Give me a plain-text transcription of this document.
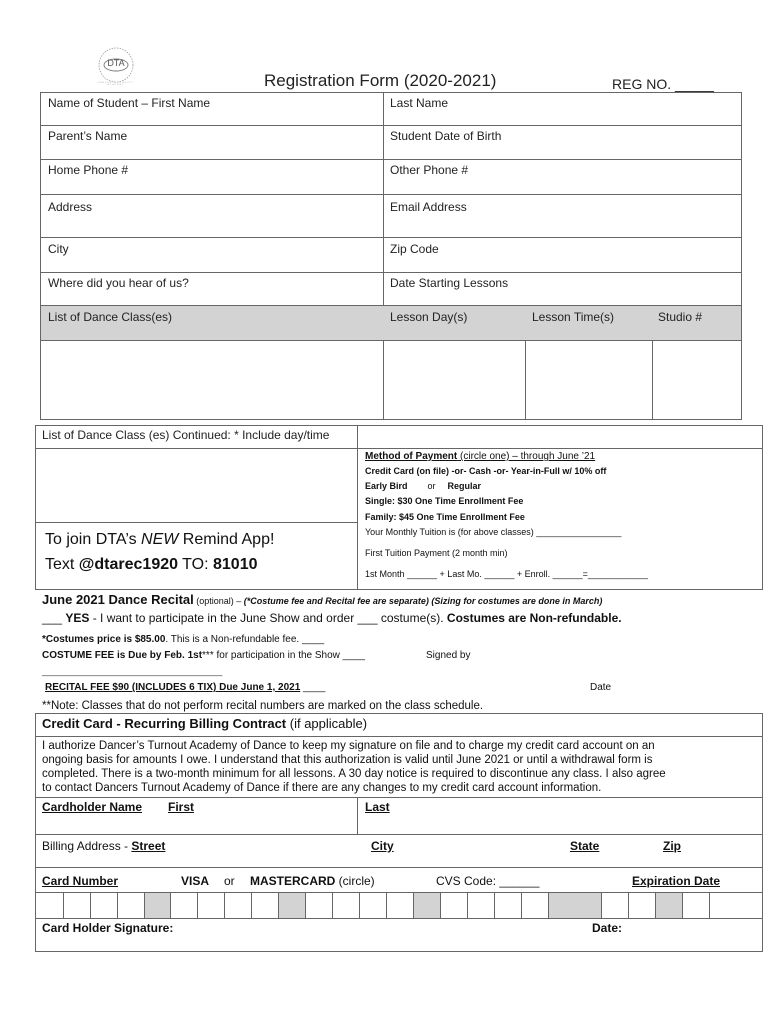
DTA
DANCER'S TURNOUT ACADEMY	Registration Form (2020-2021)	REG NO. _____
Name of Student – First Name	Last Name
Parent’s Name	Student Date of Birth
Home Phone #	Other Phone #
Address	Email Address
City	Zip Code
Where did you hear of us?	Date Starting Lessons
List of Dance Class(es)	Lesson Day(s)	Lesson Time(s)	Studio #
List of Dance Class (es) Continued: * Include day/time
To join DTA’s NEW Remind App!
Text @dtarec1920 TO: 81010
Method of Payment (circle one) – through June ’21
Credit Card (on file) -or- Cash -or- Year-in-Full w/ 10% off
Early Bird or Regular
Single: $30 One Time Enrollment Fee
Family: $45 One Time Enrollment Fee
Your Monthly Tuition is (for above classes) _________________
First Tuition Payment (2 month min)
1st Month ______ + Last Mo. ______ + Enroll. ______=____________
June 2021 Dance Recital (optional) – (*Costume fee and Recital fee are separate) (Sizing for costumes are done in March)
___ YES - I want to participate in the June Show and order ___ costume(s). Costumes are Non-refundable.
*Costumes price is $85.00. This is a Non-refundable fee. ____
COSTUME FEE is Due by Feb. 1st*** for participation in the Show ____	Signed by
____________________________________
RECITAL FEE $90 (INCLUDES 6 TIX) Due June 1, 2021 ____	Date
**Note: Classes that do not perform recital numbers are marked on the class schedule.
Credit Card - Recurring Billing Contract (if applicable)
I authorize Dancer’s Turnout Academy of Dance to keep my signature on file and to charge my credit card account on an
ongoing basis for amounts I owe. I understand that this authorization is valid until June 2021 or until a withdrawal form is
completed. There is a two-month minimum for all lessons. A 30 day notice is required to discontinue any class. I also agree
to contact Dancers Turnout Academy of Dance if there are any changes to my credit card account information.
Cardholder Name First	Last
Billing Address - Street	City	State	Zip
Card Number	VISA or MASTERCARD (circle)	CVS Code: ______	Expiration Date
Card Holder Signature:	Date:
